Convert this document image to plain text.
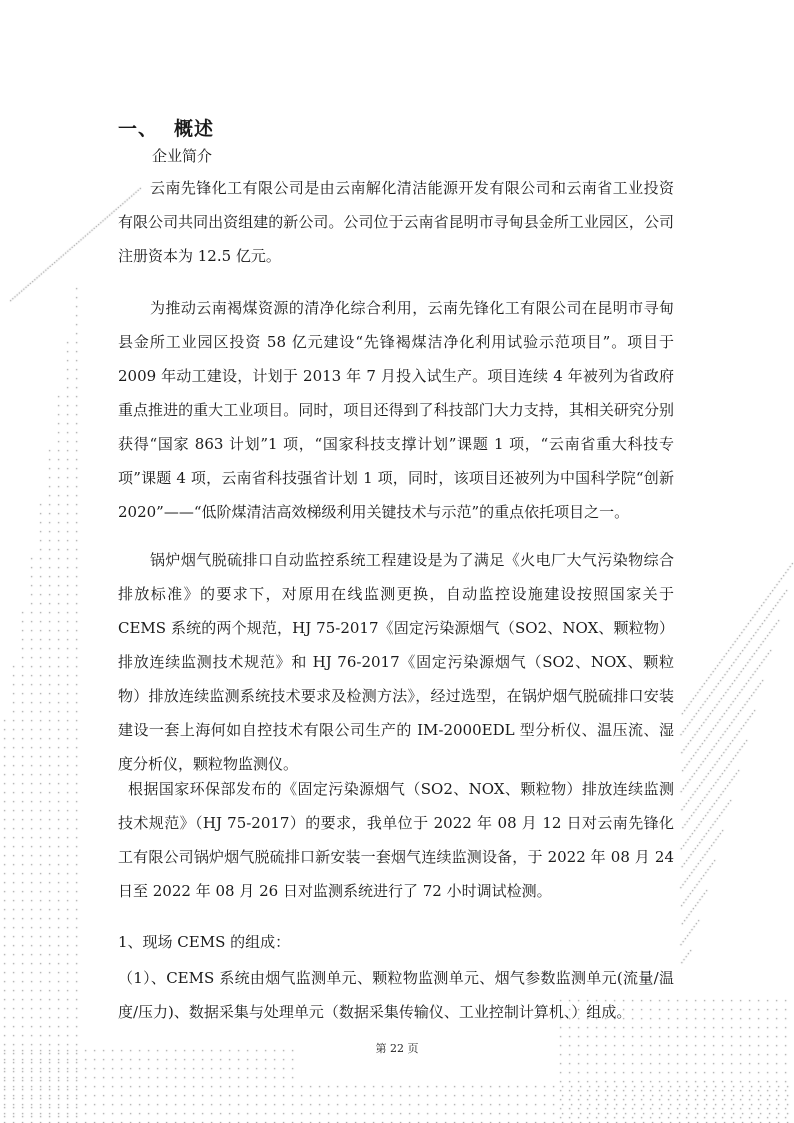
一、 概述
企业简介

云南先锋化工有限公司是由云南解化清洁能源开发有限公司和云南省工业投资有限公司共同出资组建的新公司。公司位于云南省昆明市寻甸县金所工业园区，公司注册资本为 12.5 亿元。

为推动云南褐煤资源的清净化综合利用，云南先锋化工有限公司在昆明市寻甸县金所工业园区投资 58 亿元建设“先锋褐煤洁净化利用试验示范项目”。项目于 2009 年动工建设，计划于 2013 年 7 月投入试生产。项目连续 4 年被列为省政府重点推进的重大工业项目。同时，项目还得到了科技部门大力支持，其相关研究分别获得“国家 863 计划”1 项，“国家科技支撑计划”课题 1 项，“云南省重大科技专项”课题 4 项，云南省科技强省计划 1 项，同时，该项目还被列为中国科学院“创新 2020”——“低阶煤清洁高效梯级利用关键技术与示范”的重点依托项目之一。

锅炉烟气脱硫排口自动监控系统工程建设是为了满足《火电厂大气污染物综合排放标准》的要求下，对原用在线监测更换，自动监控设施建设按照国家关于 CEMS 系统的两个规范，HJ 75-2017《固定污染源烟气（SO2、NOX、颗粒物）排放连续监测技术规范》和 HJ 76-2017《固定污染源烟气（SO2、NOX、颗粒物）排放连续监测系统技术要求及检测方法》，经过选型，在锅炉烟气脱硫排口安装建设一套上海何如自控技术有限公司生产的 IM-2000EDL 型分析仪、温压流、湿度分析仪，颗粒物监测仪。

根据国家环保部发布的《固定污染源烟气（SO2、NOX、颗粒物）排放连续监测技术规范》（HJ 75-2017）的要求，我单位于 2022 年 08 月 12 日对云南先锋化工有限公司锅炉烟气脱硫排口新安装一套烟气连续监测设备，于 2022 年 08 月 24 日至 2022 年 08 月 26 日对监测系统进行了 72 小时调试检测。

1、现场 CEMS 的组成：

（1）、CEMS 系统由烟气监测单元、颗粒物监测单元、烟气参数监测单元(流量/温度/压力)、数据采集与处理单元（数据采集传输仪、工业控制计算机、）组成。

第 22 页
